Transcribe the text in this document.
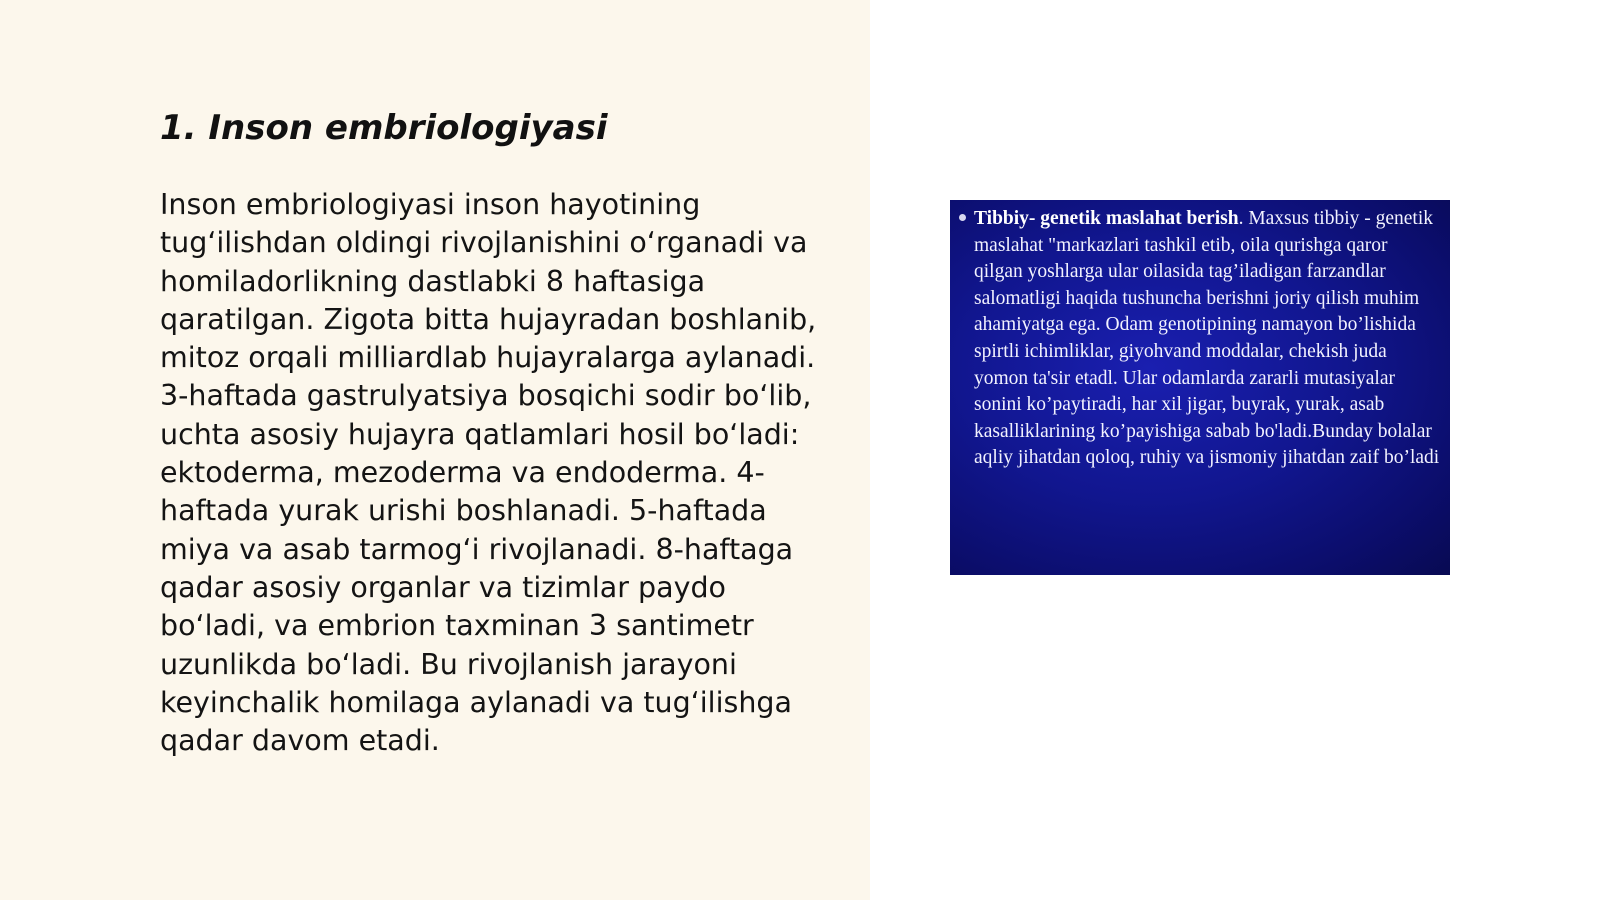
1. Inson embriologiyasi

Inson embriologiyasi inson hayotining tugʻilishdan oldingi rivojlanishini oʻrganadi va homiladorlikning dastlabki 8 haftasiga qaratilgan. Zigota bitta hujayradan boshlanib, mitoz orqali milliardlab hujayralarga aylanadi. 3-haftada gastrulyatsiya bosqichi sodir boʻlib, uchta asosiy hujayra qatlamlari hosil boʻladi: ektoderma, mezoderma va endoderma. 4-haftada yurak urishi boshlanadi. 5-haftada miya va asab tarmogʻi rivojlanadi. 8-haftaga qadar asosiy organlar va tizimlar paydo boʻladi, va embrion taxminan 3 santimetr uzunlikda boʻladi. Bu rivojlanish jarayoni keyinchalik homilaga aylanadi va tugʻilishga qadar davom etadi.

Tibbiy- genetik maslahat berish. Maxsus tibbiy - genetik maslahat "markazlari tashkil etib, oila qurishga qaror qilgan yoshlarga ular oilasida tag’iladigan farzandlar salomatligi haqida tushuncha berishni joriy qilish muhim ahamiyatga ega. Odam genotipining namayon bo’lishida spirtli ichimliklar, giyohvand moddalar, chekish juda yomon ta'sir etadl. Ular odamlarda zararli mutasiyalar sonini ko’paytiradi, har xil jigar, buyrak, yurak, asab kasalliklarining ko’payishiga sabab bo'ladi.Bunday bolalar aqliy jihatdan qoloq, ruhiy va jismoniy jihatdan zaif bo’ladi
